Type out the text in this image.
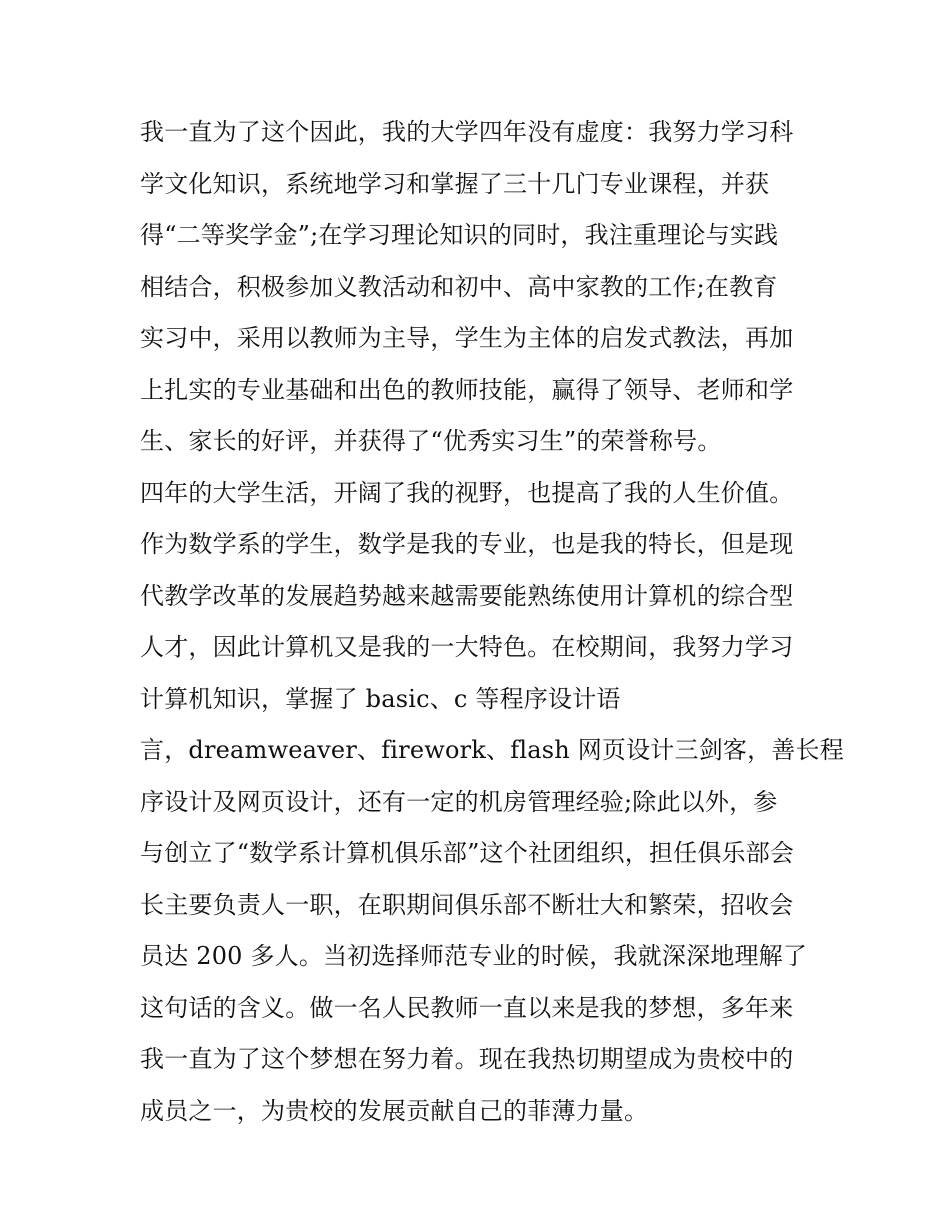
我一直为了这个因此，我的大学四年没有虚度：我努力学习科
学文化知识，系统地学习和掌握了三十几门专业课程，并获
得“二等奖学金”;在学习理论知识的同时，我注重理论与实践
相结合，积极参加义教活动和初中、高中家教的工作;在教育
实习中，采用以教师为主导，学生为主体的启发式教法，再加
上扎实的专业基础和出色的教师技能，赢得了领导、老师和学
生、家长的好评，并获得了“优秀实习生”的荣誉称号。
四年的大学生活，开阔了我的视野，也提高了我的人生价值。
作为数学系的学生，数学是我的专业，也是我的特长，但是现
代教学改革的发展趋势越来越需要能熟练使用计算机的综合型
人才，因此计算机又是我的一大特色。在校期间，我努力学习
计算机知识，掌握了 basic、c 等程序设计语
言，dreamweaver、firework、flash 网页设计三剑客，善长程
序设计及网页设计，还有一定的机房管理经验;除此以外，参
与创立了“数学系计算机俱乐部”这个社团组织，担任俱乐部会
长主要负责人一职，在职期间俱乐部不断壮大和繁荣，招收会
员达 200 多人。当初选择师范专业的时候，我就深深地理解了
这句话的含义。做一名人民教师一直以来是我的梦想，多年来
我一直为了这个梦想在努力着。现在我热切期望成为贵校中的
成员之一，为贵校的发展贡献自己的菲薄力量。
